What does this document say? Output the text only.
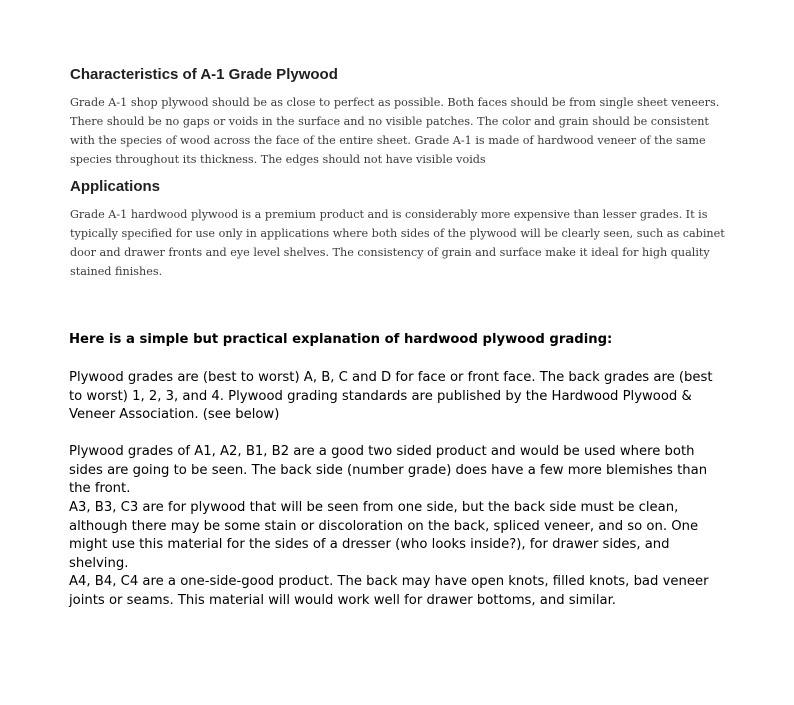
Characteristics of A-1 Grade Plywood

Grade A-1 shop plywood should be as close to perfect as possible. Both faces should be from single sheet veneers. There should be no gaps or voids in the surface and no visible patches. The color and grain should be consistent with the species of wood across the face of the entire sheet. Grade A-1 is made of hardwood veneer of the same species throughout its thickness. The edges should not have visible voids

Applications

Grade A-1 hardwood plywood is a premium product and is considerably more expensive than lesser grades. It is typically specified for use only in applications where both sides of the plywood will be clearly seen, such as cabinet door and drawer fronts and eye level shelves. The consistency of grain and surface make it ideal for high quality stained finishes.

Here is a simple but practical explanation of hardwood plywood grading:

Plywood grades are (best to worst) A, B, C and D for face or front face. The back grades are (best to worst) 1, 2, 3, and 4. Plywood grading standards are published by the Hardwood Plywood & Veneer Association. (see below)

Plywood grades of A1, A2, B1, B2 are a good two sided product and would be used where both sides are going to be seen. The back side (number grade) does have a few more blemishes than the front.

A3, B3, C3 are for plywood that will be seen from one side, but the back side must be clean, although there may be some stain or discoloration on the back, spliced veneer, and so on. One might use this material for the sides of a dresser (who looks inside?), for drawer sides, and shelving.

A4, B4, C4 are a one-side-good product. The back may have open knots, filled knots, bad veneer joints or seams. This material will would work well for drawer bottoms, and similar.
